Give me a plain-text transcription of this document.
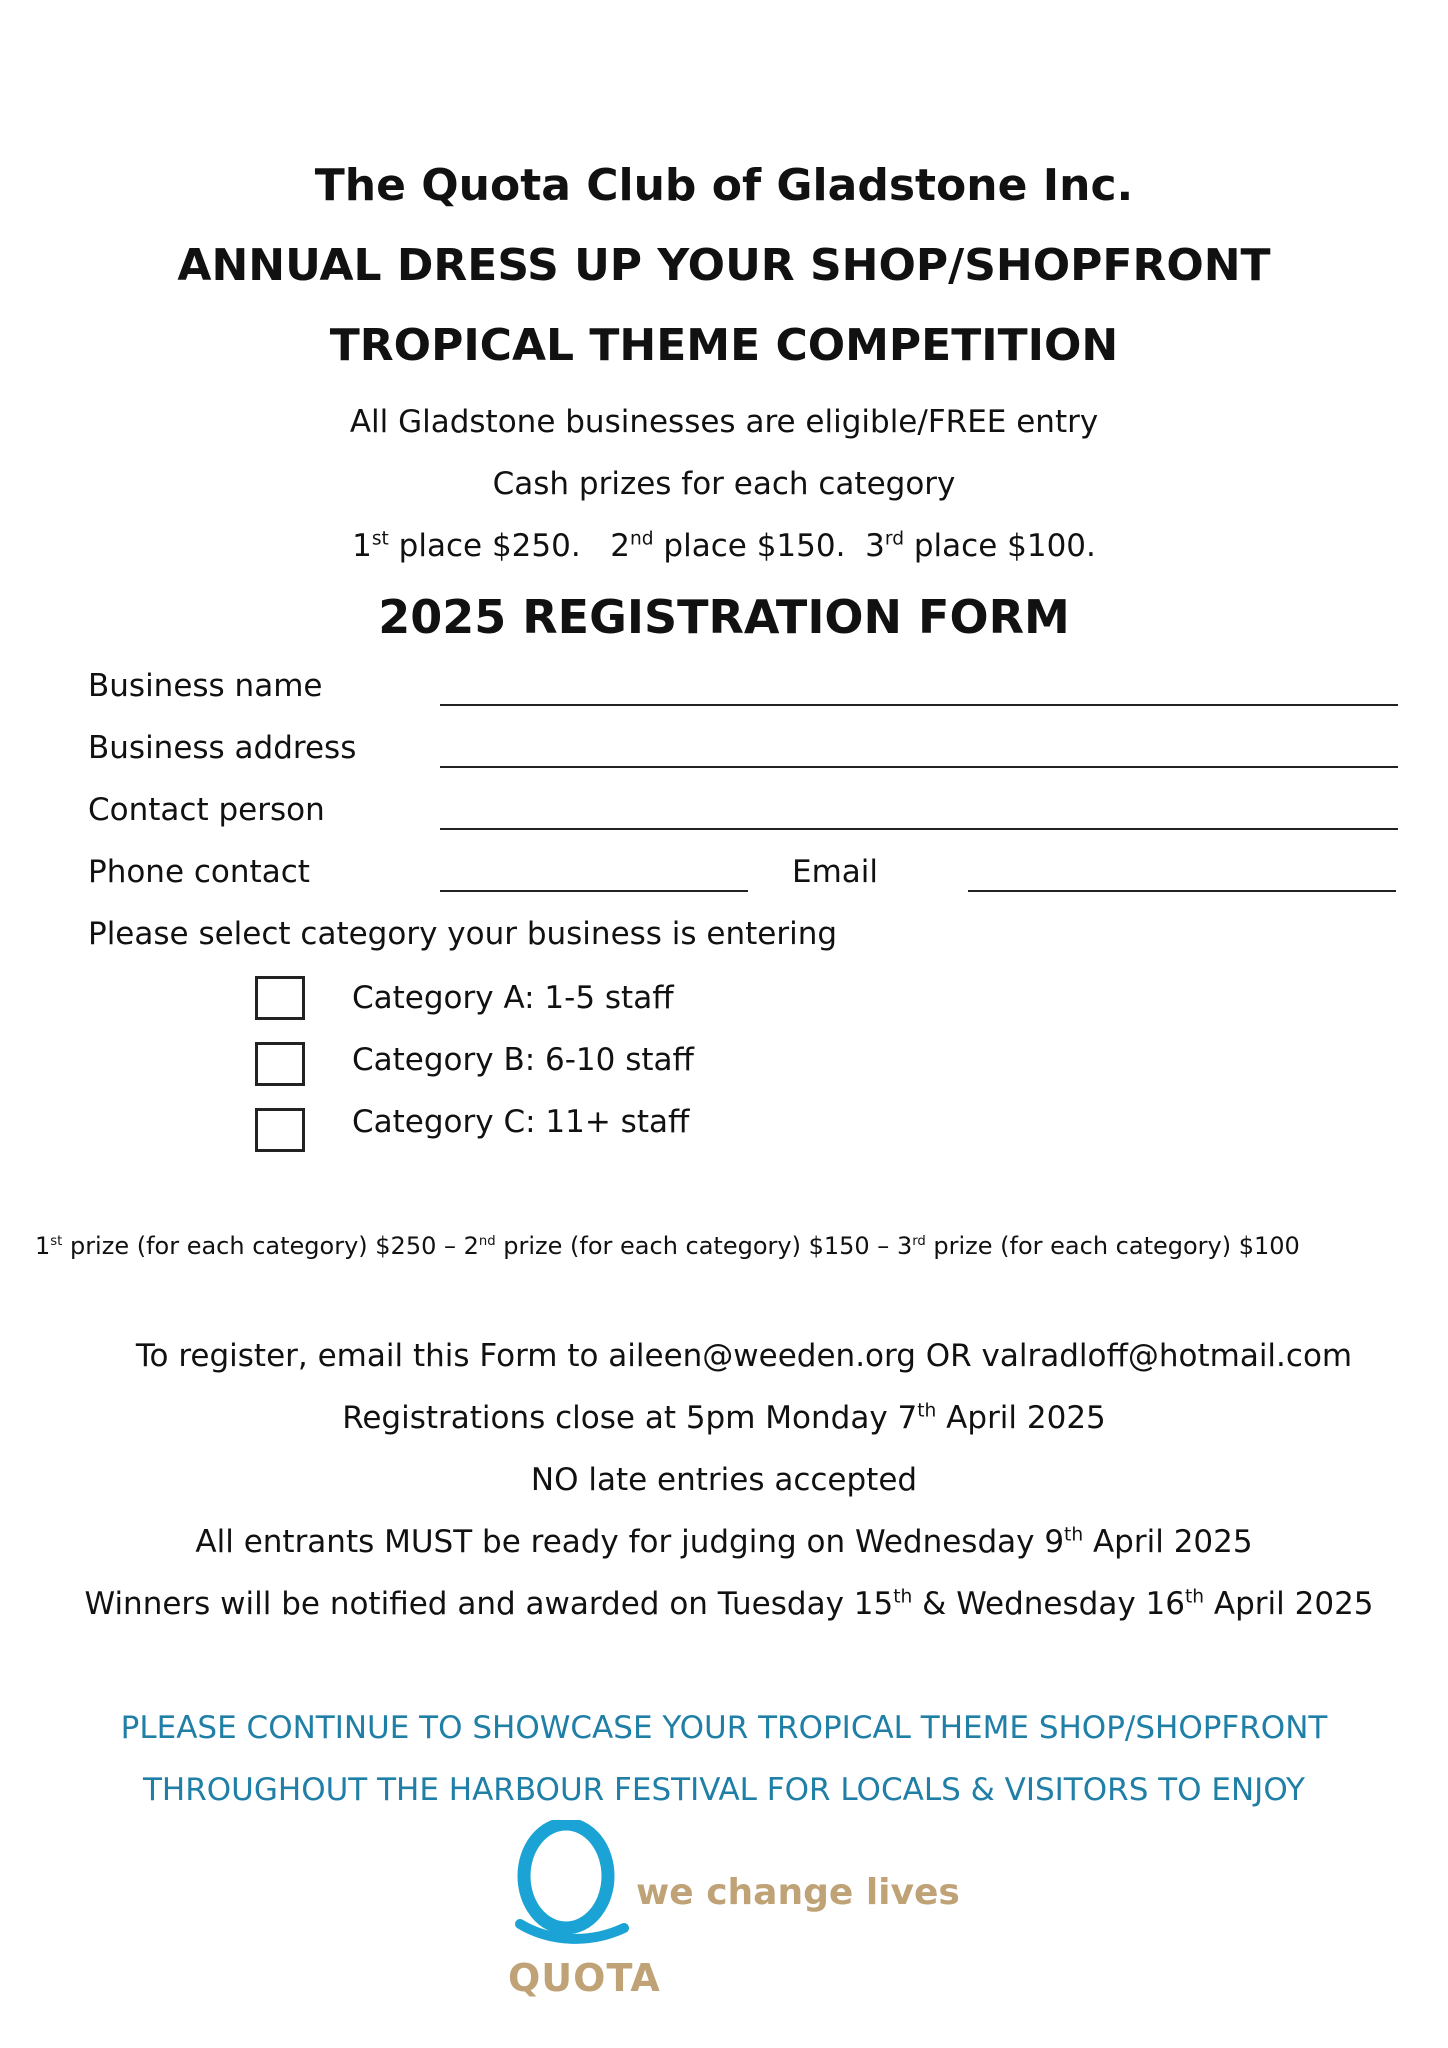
The Quota Club of Gladstone Inc.
ANNUAL DRESS UP YOUR SHOP/SHOPFRONT
TROPICAL THEME COMPETITION
All Gladstone businesses are eligible/FREE entry
Cash prizes for each category
1st place $250. 2nd place $150. 3rd place $100.
2025 REGISTRATION FORM
Business name
Business address
Contact person
Phone contact	Email
Please select category your business is entering
Category A: 1-5 staff
Category B: 6-10 staff
Category C: 11+ staff
1st prize (for each category) $250 – 2nd prize (for each category) $150 – 3rd prize (for each category) $100
To register, email this Form to aileen@weeden.org OR valradloff@hotmail.com
Registrations close at 5pm Monday 7th April 2025
NO late entries accepted
All entrants MUST be ready for judging on Wednesday 9th April 2025
Winners will be notified and awarded on Tuesday 15th & Wednesday 16th April 2025
PLEASE CONTINUE TO SHOWCASE YOUR TROPICAL THEME SHOP/SHOPFRONT
THROUGHOUT THE HARBOUR FESTIVAL FOR LOCALS & VISITORS TO ENJOY
we change lives
QUOTA
